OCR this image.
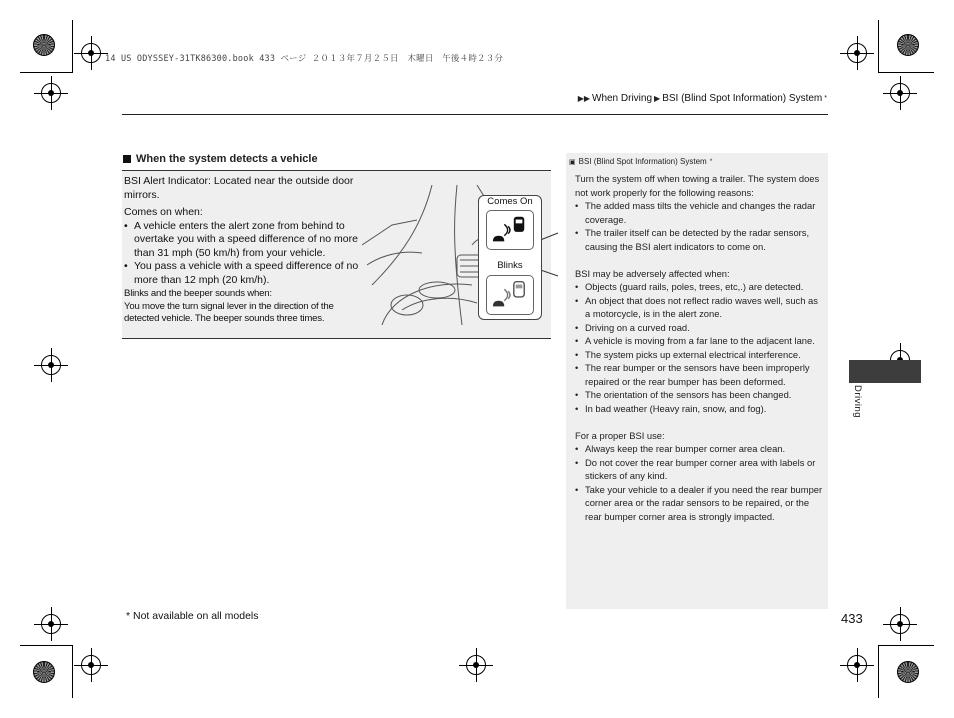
14 US ODYSSEY-31TK86300.book 433 ページ ２０１３年７月２５日　木曜日　午後４時２３分
▶▶ When Driving ▶ BSI (Blind Spot Information) System *
When the system detects a vehicle
BSI Alert Indicator: Located near the outside door mirrors.
Comes on when:
• A vehicle enters the alert zone from behind to overtake you with a speed difference of no more than 31 mph (50 km/h) from your vehicle.
• You pass a vehicle with a speed difference of no more than 12 mph (20 km/h).
Blinks and the beeper sounds when:
You move the turn signal lever in the direction of the detected vehicle. The beeper sounds three times.
Comes On
Blinks
▣ BSI (Blind Spot Information) System *

Turn the system off when towing a trailer. The system does not work properly for the following reasons:

• The added mass tilts the vehicle and changes the radar coverage.
• The trailer itself can be detected by the radar sensors, causing the BSI alert indicators to come on.

BSI may be adversely affected when:

• Objects (guard rails, poles, trees, etc,.) are detected.
• An object that does not reflect radio waves well, such as a motorcycle, is in the alert zone.
• Driving on a curved road.
• A vehicle is moving from a far lane to the adjacent lane.
• The system picks up external electrical interference.
• The rear bumper or the sensors have been improperly repaired or the rear bumper has been deformed.
• The orientation of the sensors has been changed.
• In bad weather (Heavy rain, snow, and fog).

For a proper BSI use:

• Always keep the rear bumper corner area clean.
• Do not cover the rear bumper corner area with labels or stickers of any kind.
• Take your vehicle to a dealer if you need the rear bumper corner area or the radar sensors to be repaired, or the rear bumper corner area is strongly impacted.
Driving
* Not available on all models	433
